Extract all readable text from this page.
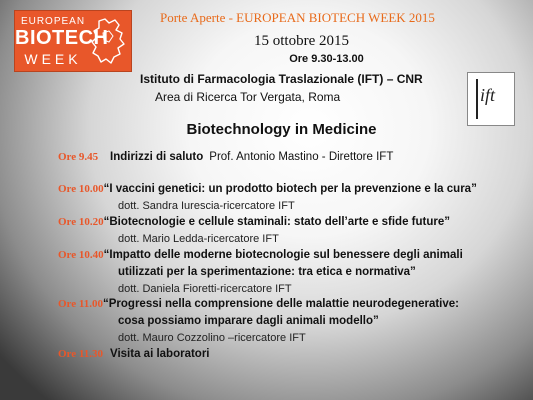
EUROPEAN
BIOTECH
WEEK
Porte Aperte - EUROPEAN BIOTECH WEEK 2015
15 ottobre 2015
Ore 9.30-13.00
Istituto di Farmacologia Traslazionale (IFT) – CNR
Area di Ricerca Tor Vergata, Roma	ift
Biotechnology in Medicine
Ore 9.45 Indirizzi di saluto Prof. Antonio Mastino - Direttore IFT
Ore 10.00“I vaccini genetici: un prodotto biotech per la prevenzione e la cura”
dott. Sandra Iurescia-ricercatore IFT
Ore 10.20“Biotecnologie e cellule staminali: stato dell’arte e sfide future”
dott. Mario Ledda-ricercatore IFT
Ore 10.40“Impatto delle moderne biotecnologie sul benessere degli animali
utilizzati per la sperimentazione: tra etica e normativa”
dott. Daniela Fioretti-ricercatore IFT
Ore 11.00“Progressi nella comprensione delle malattie neurodegenerative:
cosa possiamo imparare dagli animali modello”
dott. Mauro Cozzolino –ricercatore IFT
Ore 11.30 Visita ai laboratori
